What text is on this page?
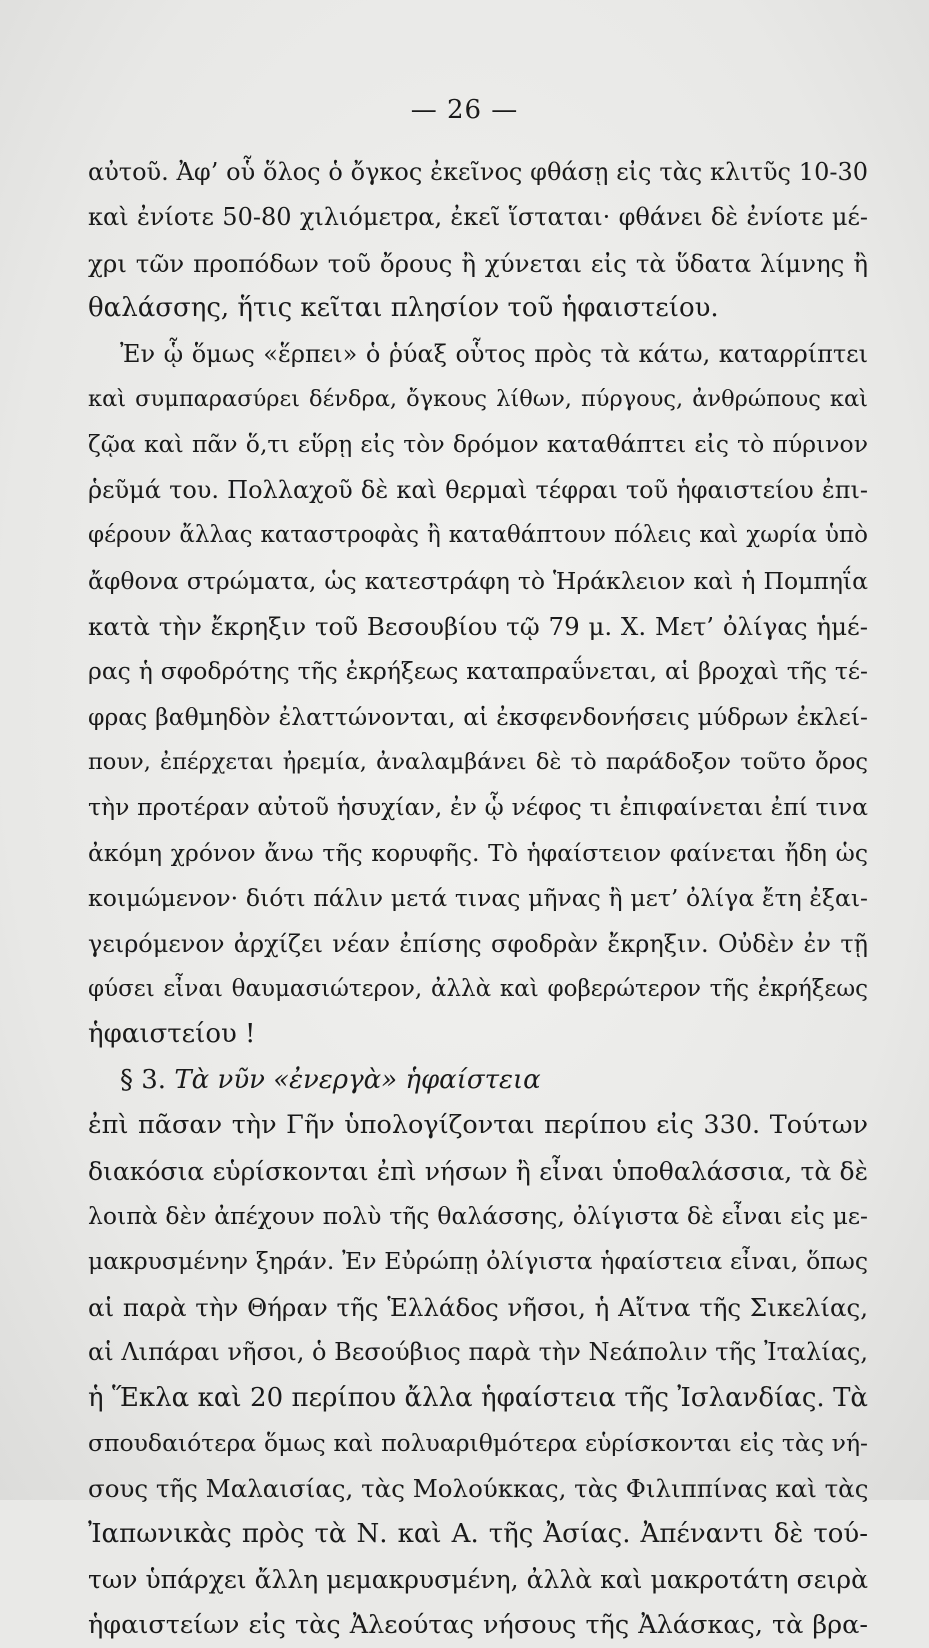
— 26 —
αὐτοῦ. Ἀφ’ οὗ ὅλος ὁ ὄγκος ἐκεῖνος φθάσῃ εἰς τὰς κλιτῦς 10-30
καὶ ἐνίοτε 50-80 χιλιόμετρα, ἐκεῖ ἵσταται· φθάνει δὲ ἐνίοτε μέ-
χρι τῶν προπόδων τοῦ ὄρους ἢ χύνεται εἰς τὰ ὕδατα λίμνης ἢ
θαλάσσης, ἥτις κεῖται πλησίον τοῦ ἡφαιστείου.
Ἐν ᾧ ὅμως «ἕρπει» ὁ ῥύαξ οὗτος πρὸς τὰ κάτω, καταρρίπτει
καὶ συμπαρασύρει δένδρα, ὄγκους λίθων, πύργους, ἀνθρώπους καὶ
ζῷα καὶ πᾶν ὅ,τι εὕρῃ εἰς τὸν δρόμον καταθάπτει εἰς τὸ πύρινον
ῥεῦμά του. Πολλαχοῦ δὲ καὶ θερμαὶ τέφραι τοῦ ἡφαιστείου ἐπι-
φέρουν ἄλλας καταστροφὰς ἢ καταθάπτουν πόλεις καὶ χωρία ὑπὸ
ἄφθονα στρώματα, ὡς κατεστράφη τὸ Ἡράκλειον καὶ ἡ Πομπηΐα
κατὰ τὴν ἔκρηξιν τοῦ Βεσουβίου τῷ 79 μ. Χ. Μετ’ ὀλίγας ἡμέ-
ρας ἡ σφοδρότης τῆς ἐκρήξεως καταπραΰνεται, αἱ βροχαὶ τῆς τέ-
φρας βαθμηδὸν ἐλαττώνονται, αἱ ἐκσφενδονήσεις μύδρων ἐκλεί-
πουν, ἐπέρχεται ἠρεμία, ἀναλαμβάνει δὲ τὸ παράδοξον τοῦτο ὄρος
τὴν προτέραν αὐτοῦ ἡσυχίαν, ἐν ᾧ νέφος τι ἐπιφαίνεται ἐπί τινα
ἀκόμη χρόνον ἄνω τῆς κορυφῆς. Τὸ ἡφαίστειον φαίνεται ἤδη ὡς
κοιμώμενον· διότι πάλιν μετά τινας μῆνας ἢ μετ’ ὀλίγα ἔτη ἐξαι-
γειρόμενον ἀρχίζει νέαν ἐπίσης σφοδρὰν ἔκρηξιν. Οὐδὲν ἐν τῇ
φύσει εἶναι θαυμασιώτερον, ἀλλὰ καὶ φοβερώτερον τῆς ἐκρήξεως
ἡφαιστείου !
§ 3. Τὰ νῦν «ἐνεργὰ» ἡφαίστεια
ἐπὶ πᾶσαν τὴν Γῆν ὑπολογίζονται περίπου εἰς 330. Τούτων
διακόσια εὑρίσκονται ἐπὶ νήσων ἢ εἶναι ὑποθαλάσσια, τὰ δὲ
λοιπὰ δὲν ἀπέχουν πολὺ τῆς θαλάσσης, ὀλίγιστα δὲ εἶναι εἰς με-
μακρυσμένην ξηράν. Ἐν Εὐρώπῃ ὀλίγιστα ἡφαίστεια εἶναι, ὅπως
αἱ παρὰ τὴν Θήραν τῆς Ἑλλάδος νῆσοι, ἡ Αἴτνα τῆς Σικελίας,
αἱ Λιπάραι νῆσοι, ὁ Βεσούβιος παρὰ τὴν Νεάπολιν τῆς Ἰταλίας,
ἡ Ἕκλα καὶ 20 περίπου ἄλλα ἡφαίστεια τῆς Ἰσλανδίας. Τὰ
σπουδαιότερα ὅμως καὶ πολυαριθμότερα εὑρίσκονται εἰς τὰς νή-
σους τῆς Μαλαισίας, τὰς Μολούκκας, τὰς Φιλιππίνας καὶ τὰς
Ἰαπωνικὰς πρὸς τὰ Ν. καὶ Α. τῆς Ἀσίας. Ἀπέναντι δὲ τού-
των ὑπάρχει ἄλλη μεμακρυσμένη, ἀλλὰ καὶ μακροτάτη σειρὰ
ἡφαιστείων εἰς τὰς Ἀλεούτας νήσους τῆς Ἀλάσκας, τὰ βρα-
